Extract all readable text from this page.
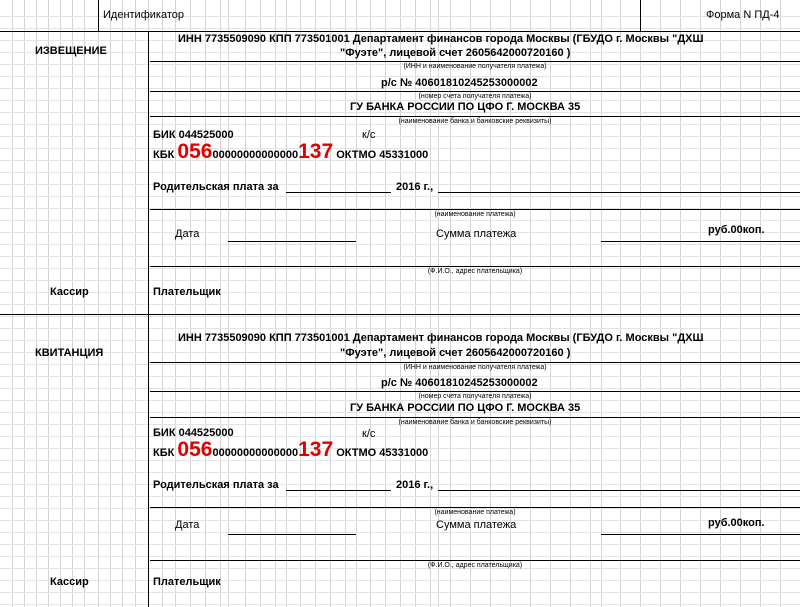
Идентификатор	Форма N ПД-4
ИЗВЕЩЕНИЕ
ИНН 7735509090 КПП 773501001 Департамент финансов города Москвы (ГБУДО г. Москвы "ДХШ
"Фуэте", лицевой счет 2605642000720160 )
(ИНН и наименование получателя платежа)
р/с № 40601810245253000002
(номер счета получателя платежа)
ГУ БАНКА РОССИИ ПО ЦФО Г. МОСКВА 35
(наименование банка и банковские реквизиты)
БИК 044525000	к/с
КБК 05600000000000000137 ОКТМО 45331000
Родительская плата за	2016 г.,
(наименование платежа)
Дата	Сумма платежа	руб.00коп.
(Ф.И.О., адрес плательщика)
Кассир	Плательщик
КВИТАНЦИЯ
ИНН 7735509090 КПП 773501001 Департамент финансов города Москвы (ГБУДО г. Москвы "ДХШ
"Фуэте", лицевой счет 2605642000720160 )
(ИНН и наименование получателя платежа)
р/с № 40601810245253000002
(номер счета получателя платежа)
ГУ БАНКА РОССИИ ПО ЦФО Г. МОСКВА 35
(наименование банка и банковские реквизиты)
БИК 044525000	к/с
КБК 05600000000000000137 ОКТМО 45331000
Родительская плата за	2016 г.,
(наименование платежа)
Дата	Сумма платежа	руб.00коп.
(Ф.И.О., адрес плательщика)
Кассир	Плательщик
